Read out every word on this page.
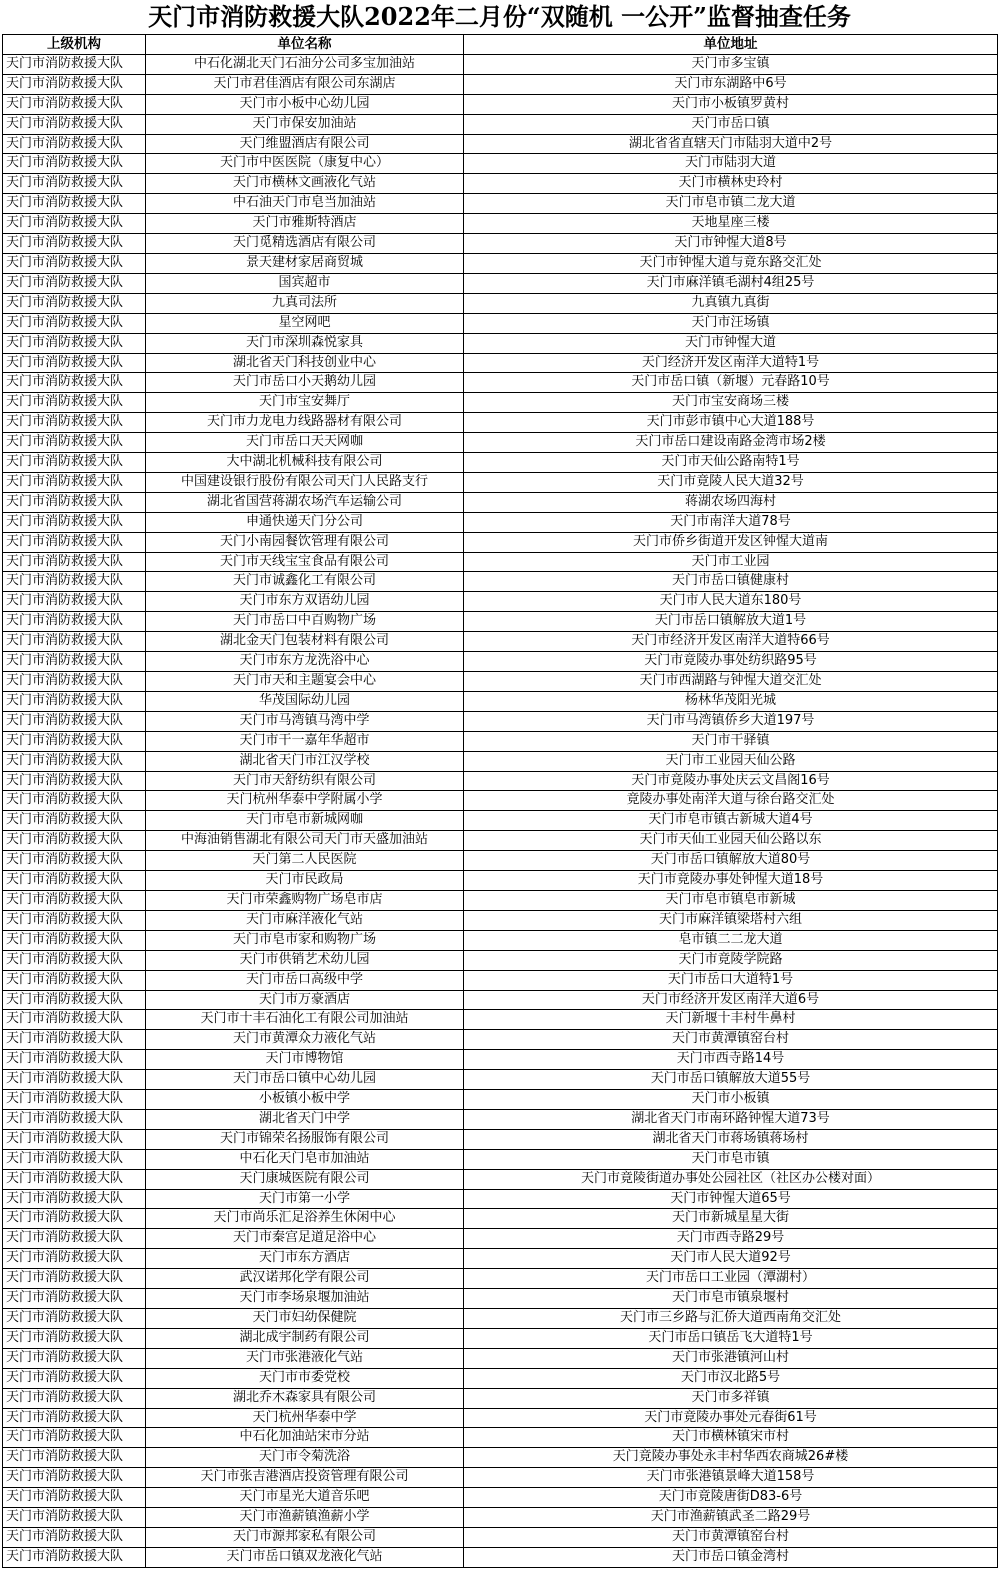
天门市消防救援大队2022年二月份“双随机 一公开”监督抽查任务
上级机构	单位名称	单位地址
天门市消防救援大队	中石化湖北天门石油分公司多宝加油站	天门市多宝镇
天门市消防救援大队	天门市君佳酒店有限公司东湖店	天门市东湖路中6号
天门市消防救援大队	天门市小板中心幼儿园	天门市小板镇罗黄村
天门市消防救援大队	天门市保安加油站	天门市岳口镇
天门市消防救援大队	天门维盟酒店有限公司	湖北省省直辖天门市陆羽大道中2号
天门市消防救援大队	天门市中医医院（康复中心）	天门市陆羽大道
天门市消防救援大队	天门市横林文画液化气站	天门市横林史玲村
天门市消防救援大队	中石油天门市皂当加油站	天门市皂市镇二龙大道
天门市消防救援大队	天门市雅斯特酒店	天地星座三楼
天门市消防救援大队	天门觅精选酒店有限公司	天门市钟惺大道8号
天门市消防救援大队	景天建材家居商贸城	天门市钟惺大道与竟东路交汇处
天门市消防救援大队	国宾超市	天门市麻洋镇毛湖村4组25号
天门市消防救援大队	九真司法所	九真镇九真街
天门市消防救援大队	星空网吧	天门市汪场镇
天门市消防救援大队	天门市深圳森悦家具	天门市钟惺大道
天门市消防救援大队	湖北省天门科技创业中心	天门经济开发区南洋大道特1号
天门市消防救援大队	天门市岳口小天鹅幼儿园	天门市岳口镇（新堰）元春路10号
天门市消防救援大队	天门市宝安舞厅	天门市宝安商场三楼
天门市消防救援大队	天门市力龙电力线路器材有限公司	天门市彭市镇中心大道188号
天门市消防救援大队	天门市岳口天天网咖	天门市岳口建设南路金湾市场2楼
天门市消防救援大队	大中湖北机械科技有限公司	天门市天仙公路南特1号
天门市消防救援大队	中国建设银行股份有限公司天门人民路支行	天门市竟陵人民大道32号
天门市消防救援大队	湖北省国营蒋湖农场汽车运输公司	蒋湖农场四海村
天门市消防救援大队	申通快递天门分公司	天门市南洋大道78号
天门市消防救援大队	天门小南园餐饮管理有限公司	天门市侨乡街道开发区钟惺大道南
天门市消防救援大队	天门市天线宝宝食品有限公司	天门市工业园
天门市消防救援大队	天门市诚鑫化工有限公司	天门市岳口镇健康村
天门市消防救援大队	天门市东方双语幼儿园	天门市人民大道东180号
天门市消防救援大队	天门市岳口中百购物广场	天门市岳口镇解放大道1号
天门市消防救援大队	湖北金天门包装材料有限公司	天门市经济开发区南洋大道特66号
天门市消防救援大队	天门市东方龙洗浴中心	天门市竟陵办事处纺织路95号
天门市消防救援大队	天门市天和主题宴会中心	天门市西湖路与钟惺大道交汇处
天门市消防救援大队	华茂国际幼儿园	杨林华茂阳光城
天门市消防救援大队	天门市马湾镇马湾中学	天门市马湾镇侨乡大道197号
天门市消防救援大队	天门市干一嘉年华超市	天门市干驿镇
天门市消防救援大队	湖北省天门市江汉学校	天门市工业园天仙公路
天门市消防救援大队	天门市天舒纺织有限公司	天门市竟陵办事处庆云文昌阁16号
天门市消防救援大队	天门杭州华泰中学附属小学	竟陵办事处南洋大道与徐台路交汇处
天门市消防救援大队	天门市皂市新城网咖	天门市皂市镇古新城大道4号
天门市消防救援大队	中海油销售湖北有限公司天门市天盛加油站	天门市天仙工业园天仙公路以东
天门市消防救援大队	天门第二人民医院	天门市岳口镇解放大道80号
天门市消防救援大队	天门市民政局	天门市竟陵办事处钟惺大道18号
天门市消防救援大队	天门市荣鑫购物广场皂市店	天门市皂市镇皂市新城
天门市消防救援大队	天门市麻洋液化气站	天门市麻洋镇梁塔村六组
天门市消防救援大队	天门市皂市家和购物广场	皂市镇二二龙大道
天门市消防救援大队	天门市供销艺术幼儿园	天门市竟陵学院路
天门市消防救援大队	天门市岳口高级中学	天门市岳口大道特1号
天门市消防救援大队	天门市万豪酒店	天门市经济开发区南洋大道6号
天门市消防救援大队	天门市十丰石油化工有限公司加油站	天门新堰十丰村牛鼻村
天门市消防救援大队	天门市黄潭众力液化气站	天门市黄潭镇窑台村
天门市消防救援大队	天门市博物馆	天门市西寺路14号
天门市消防救援大队	天门市岳口镇中心幼儿园	天门市岳口镇解放大道55号
天门市消防救援大队	小板镇小板中学	天门市小板镇
天门市消防救援大队	湖北省天门中学	湖北省天门市南环路钟惺大道73号
天门市消防救援大队	天门市锦荣名扬服饰有限公司	湖北省天门市蒋场镇蒋场村
天门市消防救援大队	中石化天门皂市加油站	天门市皂市镇
天门市消防救援大队	天门康城医院有限公司	天门市竟陵街道办事处公园社区（社区办公楼对面）
天门市消防救援大队	天门市第一小学	天门市钟惺大道65号
天门市消防救援大队	天门市尚乐汇足浴养生休闲中心	天门市新城星星大街
天门市消防救援大队	天门市秦宫足道足浴中心	天门市西寺路29号
天门市消防救援大队	天门市东方酒店	天门市人民大道92号
天门市消防救援大队	武汉诺邦化学有限公司	天门市岳口工业园（潭湖村）
天门市消防救援大队	天门市李场泉堰加油站	天门市皂市镇泉堰村
天门市消防救援大队	天门市妇幼保健院	天门市三乡路与汇侨大道西南角交汇处
天门市消防救援大队	湖北成宇制药有限公司	天门市岳口镇岳飞大道特1号
天门市消防救援大队	天门市张港液化气站	天门市张港镇河山村
天门市消防救援大队	天门市市委党校	天门市汉北路5号
天门市消防救援大队	湖北乔木森家具有限公司	天门市多祥镇
天门市消防救援大队	天门杭州华泰中学	天门市竟陵办事处元春街61号
天门市消防救援大队	中石化加油站宋市分站	天门市横林镇宋市村
天门市消防救援大队	天门市令菊洗浴	天门竟陵办事处永丰村华西农商城26#楼
天门市消防救援大队	天门市张吉港酒店投资管理有限公司	天门市张港镇景峰大道158号
天门市消防救援大队	天门市星光大道音乐吧	天门市竟陵唐街D83-6号
天门市消防救援大队	天门市渔薪镇渔薪小学	天门市渔薪镇武圣二路29号
天门市消防救援大队	天门市源邦家私有限公司	天门市黄潭镇窑台村
天门市消防救援大队	天门市岳口镇双龙液化气站	天门市岳口镇金湾村
